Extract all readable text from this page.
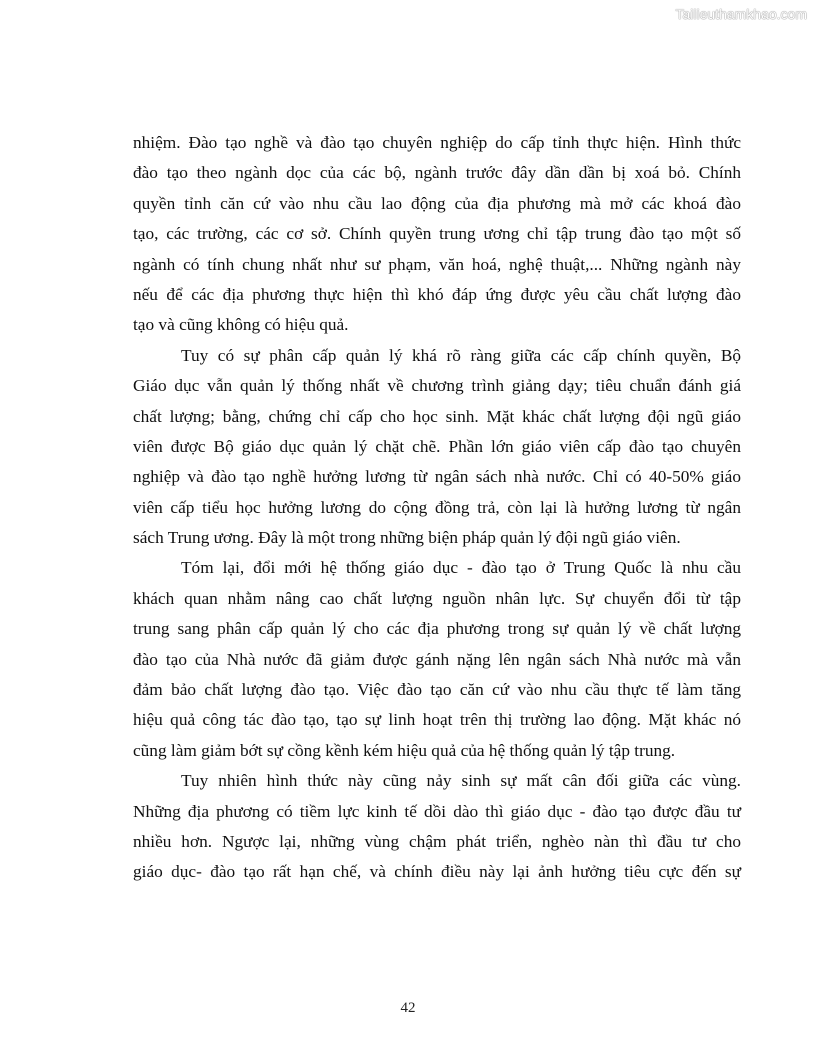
Tailieuthamkhao.com
nhiệm. Đào tạo nghề và đào tạo chuyên nghiệp do cấp tỉnh thực hiện. Hình thức
đào tạo theo ngành dọc của các bộ, ngành trước đây dần dần bị xoá bỏ. Chính
quyền tỉnh căn cứ vào nhu cầu lao động của địa phương mà mở các khoá đào
tạo, các trường, các cơ sở. Chính quyền trung ương chỉ tập trung đào tạo một số
ngành có tính chung nhất như sư phạm, văn hoá, nghệ thuật,... Những ngành này
nếu để các địa phương thực hiện thì khó đáp ứng được yêu cầu chất lượng đào
tạo và cũng không có hiệu quả.
Tuy có sự phân cấp quản lý khá rõ ràng giữa các cấp chính quyền, Bộ
Giáo dục vẫn quản lý thống nhất về chương trình giảng dạy; tiêu chuẩn đánh giá
chất lượng; bằng, chứng chỉ cấp cho học sinh. Mặt khác chất lượng đội ngũ giáo
viên được Bộ giáo dục quản lý chặt chẽ. Phần lớn giáo viên cấp đào tạo chuyên
nghiệp và đào tạo nghề hưởng lương từ ngân sách nhà nước. Chỉ có 40-50% giáo
viên cấp tiểu học hưởng lương do cộng đồng trả, còn lại là hưởng lương từ ngân
sách Trung ương. Đây là một trong những biện pháp quản lý đội ngũ giáo viên.
Tóm lại, đổi mới hệ thống giáo dục - đào tạo ở Trung Quốc là nhu cầu
khách quan nhằm nâng cao chất lượng nguồn nhân lực. Sự chuyển đổi từ tập
trung sang phân cấp quản lý cho các địa phương trong sự quản lý về chất lượng
đào tạo của Nhà nước đã giảm được gánh nặng lên ngân sách Nhà nước mà vẫn
đảm bảo chất lượng đào tạo. Việc đào tạo căn cứ vào nhu cầu thực tế làm tăng
hiệu quả công tác đào tạo, tạo sự linh hoạt trên thị trường lao động. Mặt khác nó
cũng làm giảm bớt sự cồng kềnh kém hiệu quả của hệ thống quản lý tập trung.
Tuy nhiên hình thức này cũng nảy sinh sự mất cân đối giữa các vùng.
Những địa phương có tiềm lực kinh tế dồi dào thì giáo dục - đào tạo được đầu tư
nhiều hơn. Ngược lại, những vùng chậm phát triển, nghèo nàn thì đầu tư cho
giáo dục- đào tạo rất hạn chế, và chính điều này lại ảnh hưởng tiêu cực đến sự
42
